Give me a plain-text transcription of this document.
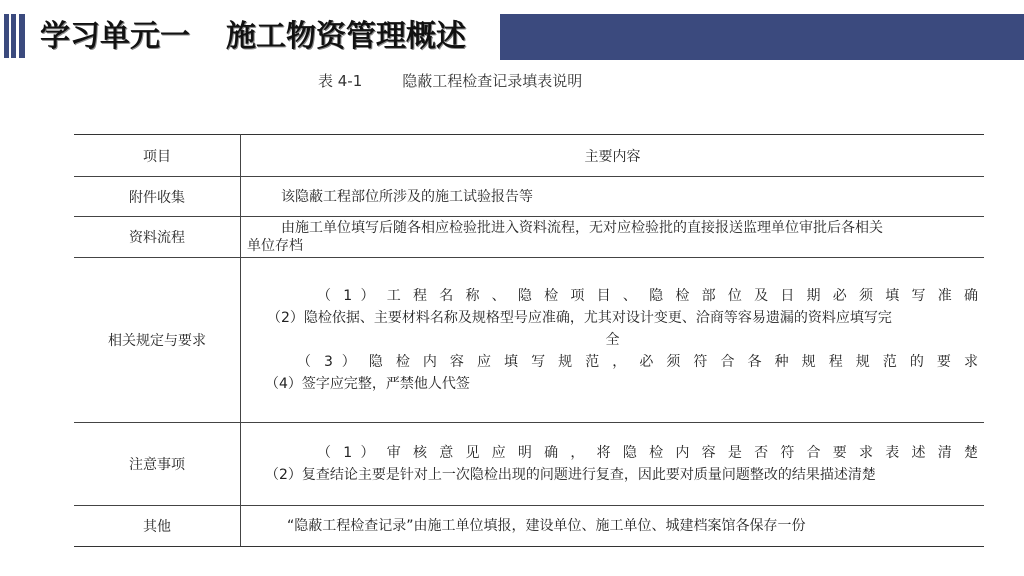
学习单元一 施工物资管理概述
表 4-1	隐蔽工程检查记录填表说明
项目	主要内容
附件收集	该隐蔽工程部位所涉及的施工试验报告等

资料流程	由施工单位填写后随各相应检验批进入资料流程，无对应检验批的直接报送监理单位审批后各相关
单位存档

相关规定与要求	（ 1 ） 工 程 名 称 、 隐 检 项 目 、 隐 检 部 位 及 日 期 必 须 填 写 准 确
（2）隐检依据、主要材料名称及规格型号应准确，尤其对设计变更、洽商等容易遗漏的资料应填写完
全
（ 3 ） 隐 检 内 容 应 填 写 规 范 ， 必 须 符 合 各 种 规 程 规 范 的 要 求
（4）签字应完整，严禁他人代签

注意事项	（ 1 ） 审 核 意 见 应 明 确 ， 将 隐 检 内 容 是 否 符 合 要 求 表 述 清 楚
（2）复查结论主要是针对上一次隐检出现的问题进行复查，因此要对质量问题整改的结果描述清楚

其他	“隐蔽工程检查记录”由施工单位填报，建设单位、施工单位、城建档案馆各保存一份
